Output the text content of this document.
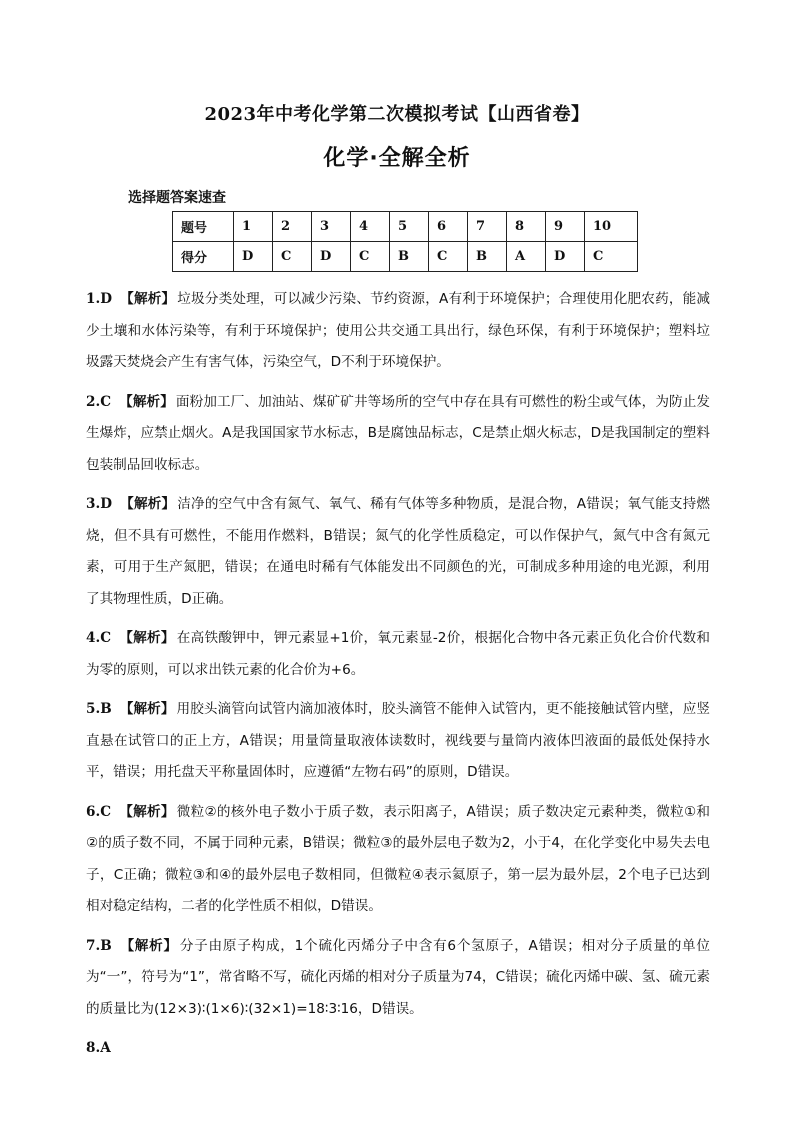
2023年中考化学第二次模拟考试【山西省卷】
化学·全解全析
选择题答案速查
题号	1	2	3	4	5	6	7	8	9	10
得分	D	C	D	C	B	C	B	A	D	C

1.D 【解析】 垃圾分类处理，可以减少污染、节约资源，A有利于环境保护；合理使用化肥农药，能减少土壤和水体污染等，有利于环境保护；使用公共交通工具出行，绿色环保，有利于环境保护；塑料垃圾露天焚烧会产生有害气体，污染空气，D不利于环境保护。

2.C 【解析】 面粉加工厂、加油站、煤矿矿井等场所的空气中存在具有可燃性的粉尘或气体，为防止发生爆炸，应禁止烟火。A是我国国家节水标志，B是腐蚀品标志，C是禁止烟火标志，D是我国制定的塑料包装制品回收标志。

3.D 【解析】 洁净的空气中含有氮气、氧气、稀有气体等多种物质，是混合物，A错误；氧气能支持燃烧，但不具有可燃性，不能用作燃料，B错误；氮气的化学性质稳定，可以作保护气，氮气中含有氮元素，可用于生产氮肥，错误；在通电时稀有气体能发出不同颜色的光，可制成多种用途的电光源，利用了其物理性质，D正确。

4.C 【解析】 在高铁酸钾中，钾元素显+1价，氧元素显-2价，根据化合物中各元素正负化合价代数和为零的原则，可以求出铁元素的化合价为+6。

5.B 【解析】 用胶头滴管向试管内滴加液体时，胶头滴管不能伸入试管内，更不能接触试管内壁，应竖直悬在试管口的正上方，A错误；用量筒量取液体读数时，视线要与量筒内液体凹液面的最低处保持水平，错误；用托盘天平称量固体时，应遵循“左物右码”的原则，D错误。

6.C 【解析】 微粒②的核外电子数小于质子数，表示阳离子，A错误；质子数决定元素种类，微粒①和②的质子数不同，不属于同种元素，B错误；微粒③的最外层电子数为2，小于4，在化学变化中易失去电子，C正确；微粒③和④的最外层电子数相同，但微粒④表示氦原子，第一层为最外层，2个电子已达到相对稳定结构，二者的化学性质不相似，D错误。

7.B 【解析】 分子由原子构成，1个硫化丙烯分子中含有6个氢原子，A错误；相对分子质量的单位为“一”，符号为“1”，常省略不写，硫化丙烯的相对分子质量为74，C错误；硫化丙烯中碳、氢、硫元素的质量比为(12×3)∶(1×6)∶(32×1)=18∶3∶16，D错误。

8.A
